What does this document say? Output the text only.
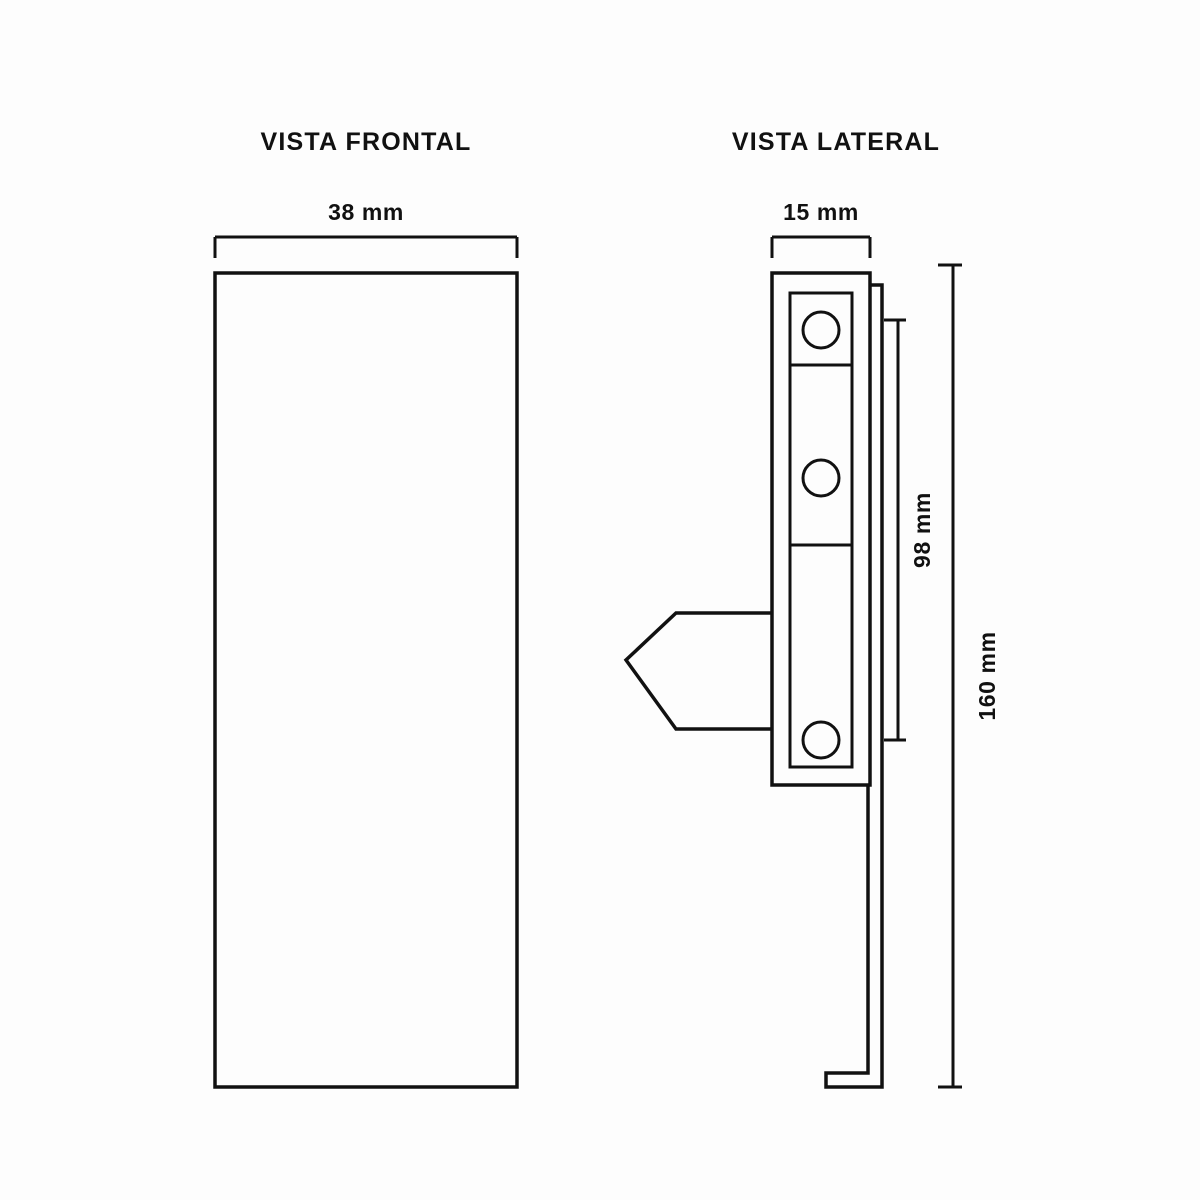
VISTA FRONTAL
38 mm
VISTA LATERAL
15 mm
98 mm
160 mm
